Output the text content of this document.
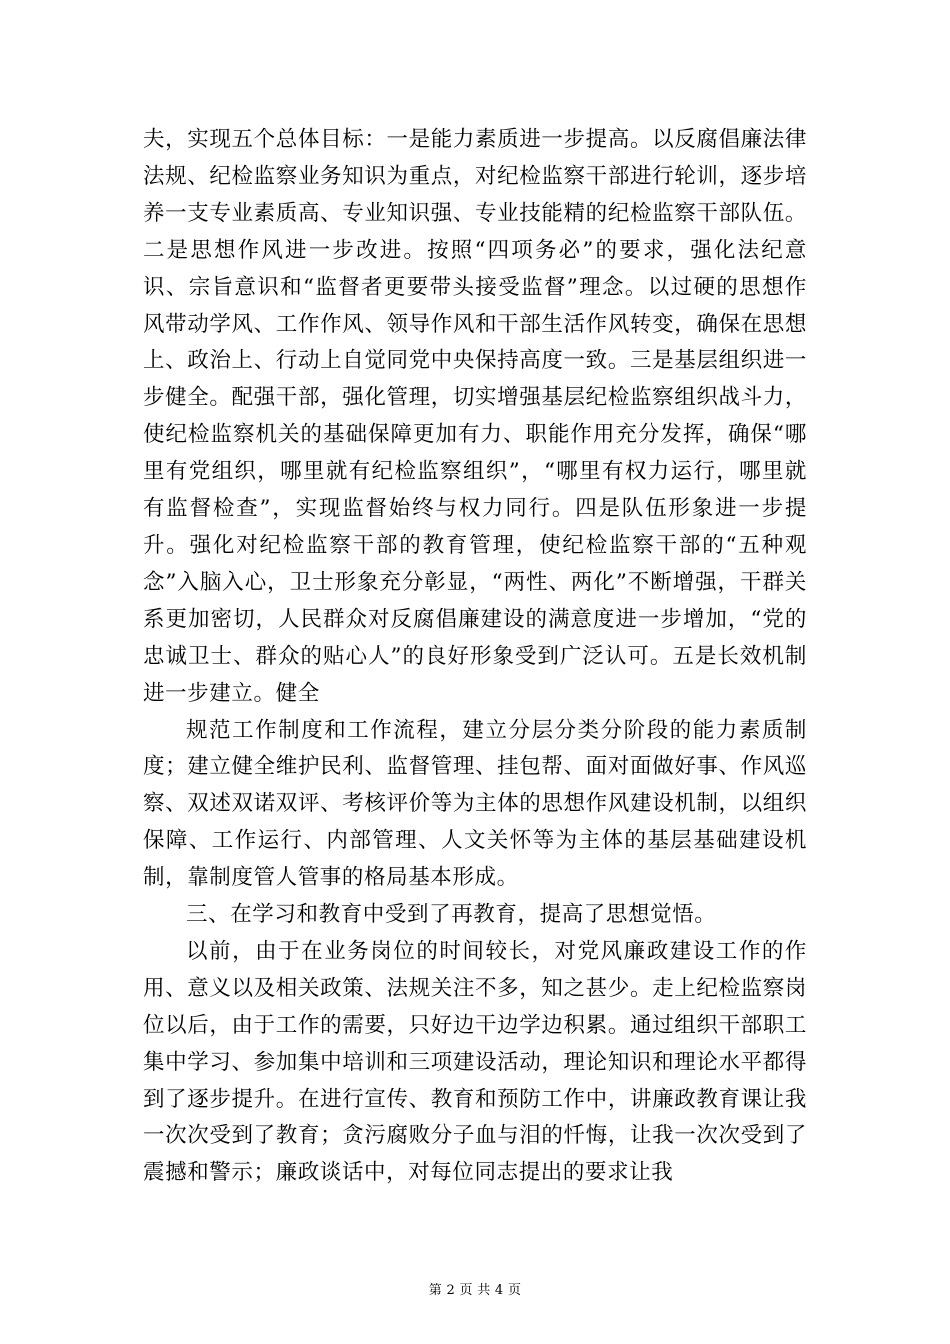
夫，实现五个总体目标：一是能力素质进一步提高。以反腐倡廉法律法规、纪检监察业务知识为重点，对纪检监察干部进行轮训，逐步培养一支专业素质高、专业知识强、专业技能精的纪检监察干部队伍。二是思想作风进一步改进。按照“四项务必”的要求，强化法纪意识、宗旨意识和“监督者更要带头接受监督”理念。以过硬的思想作风带动学风、工作作风、领导作风和干部生活作风转变，确保在思想上、政治上、行动上自觉同党中央保持高度一致。三是基层组织进一步健全。配强干部，强化管理，切实增强基层纪检监察组织战斗力，使纪检监察机关的基础保障更加有力、职能作用充分发挥，确保“哪里有党组织，哪里就有纪检监察组织”，“哪里有权力运行，哪里就有监督检查”，实现监督始终与权力同行。四是队伍形象进一步提升。强化对纪检监察干部的教育管理，使纪检监察干部的“五种观念”入脑入心，卫士形象充分彰显，“两性、两化”不断增强，干群关系更加密切，人民群众对反腐倡廉建设的满意度进一步增加，“党的忠诚卫士、群众的贴心人”的良好形象受到广泛认可。五是长效机制进一步建立。健全

规范工作制度和工作流程，建立分层分类分阶段的能力素质制度；建立健全维护民利、监督管理、挂包帮、面对面做好事、作风巡察、双述双诺双评、考核评价等为主体的思想作风建设机制，以组织保障、工作运行、内部管理、人文关怀等为主体的基层基础建设机制，靠制度管人管事的格局基本形成。

三、在学习和教育中受到了再教育，提高了思想觉悟。

以前，由于在业务岗位的时间较长，对党风廉政建设工作的作用、意义以及相关政策、法规关注不多，知之甚少。走上纪检监察岗位以后，由于工作的需要，只好边干边学边积累。通过组织干部职工集中学习、参加集中培训和三项建设活动，理论知识和理论水平都得到了逐步提升。在进行宣传、教育和预防工作中，讲廉政教育课让我一次次受到了教育；贪污腐败分子血与泪的忏悔，让我一次次受到了震撼和警示；廉政谈话中，对每位同志提出的要求让我

第 2 页 共 4 页
